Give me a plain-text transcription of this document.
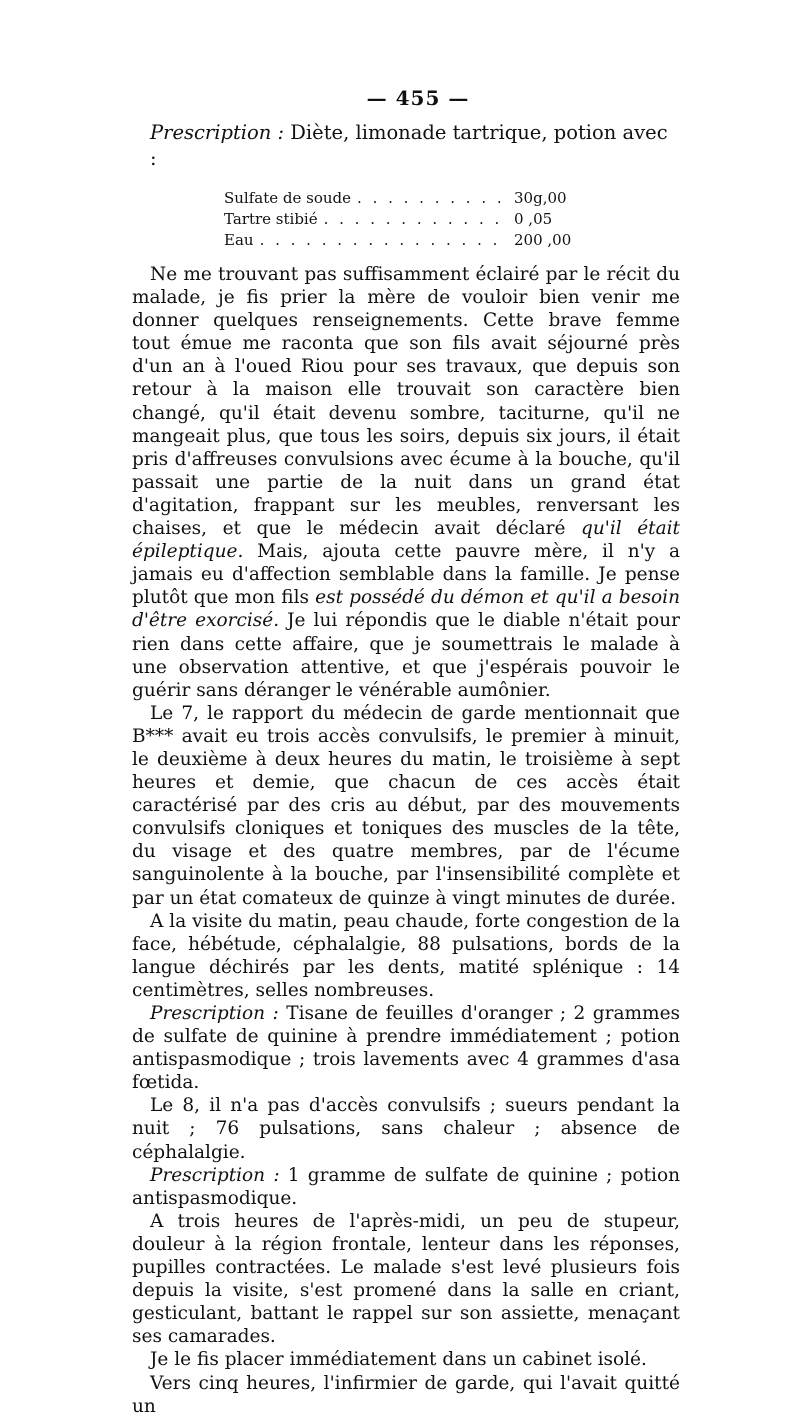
— 455 —
Prescription : Diète, limonade tartrique, potion avec :
Sulfate de soude . . .	30g,00
Tartre stibié . . .	0 ,05
Eau . . .	200 ,00

Ne me trouvant pas suffisamment éclairé par le récit du malade, je fis prier la mère de vouloir bien venir me donner quelques renseignements. Cette brave femme tout émue me raconta que son fils avait séjourné près d'un an à l'oued Riou pour ses travaux, que depuis son retour à la maison elle trouvait son caractère bien changé, qu'il était devenu sombre, taciturne, qu'il ne mangeait plus, que tous les soirs, depuis six jours, il était pris d'affreuses convulsions avec écume à la bouche, qu'il passait une partie de la nuit dans un grand état d'agitation, frappant sur les meubles, renversant les chaises, et que le médecin avait déclaré qu'il était épileptique. Mais, ajouta cette pauvre mère, il n'y a jamais eu d'affection semblable dans la famille. Je pense plutôt que mon fils est possédé du démon et qu'il a besoin d'être exorcisé. Je lui répondis que le diable n'était pour rien dans cette affaire, que je soumettrais le malade à une observation attentive, et que j'espérais pouvoir le guérir sans déranger le vénérable aumônier.

Le 7, le rapport du médecin de garde mentionnait que B*** avait eu trois accès convulsifs, le premier à minuit, le deuxième à deux heures du matin, le troisième à sept heures et demie, que chacun de ces accès était caractérisé par des cris au début, par des mouvements convulsifs cloniques et toniques des muscles de la tête, du visage et des quatre membres, par de l'écume sanguinolente à la bouche, par l'insensibilité complète et par un état comateux de quinze à vingt minutes de durée.

A la visite du matin, peau chaude, forte congestion de la face, hébétude, céphalalgie, 88 pulsations, bords de la langue déchirés par les dents, matité splénique : 14 centimètres, selles nombreuses.

Prescription : Tisane de feuilles d'oranger ; 2 grammes de sulfate de quinine à prendre immédiatement ; potion antispasmodique ; trois lavements avec 4 grammes d'asa fœtida.

Le 8, il n'a pas d'accès convulsifs ; sueurs pendant la nuit ; 76 pulsations, sans chaleur ; absence de céphalalgie.

Prescription : 1 gramme de sulfate de quinine ; potion antispasmodique.

A trois heures de l'après-midi, un peu de stupeur, douleur à la région frontale, lenteur dans les réponses, pupilles contractées. Le malade s'est levé plusieurs fois depuis la visite, s'est promené dans la salle en criant, gesticulant, battant le rappel sur son assiette, menaçant ses camarades.

Je le fis placer immédiatement dans un cabinet isolé.

Vers cinq heures, l'infirmier de garde, qui l'avait quitté un
